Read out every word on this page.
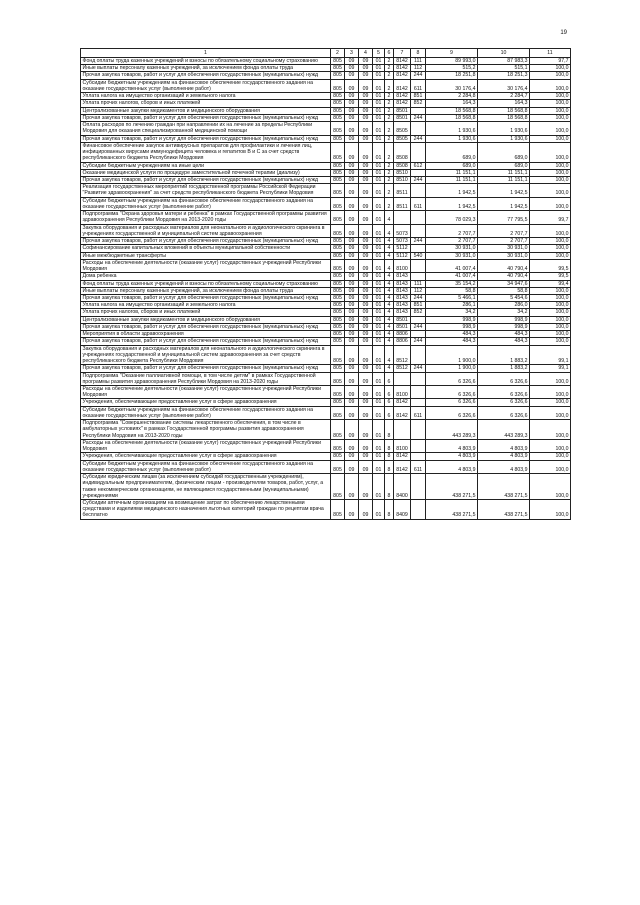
19
1	2	3	4	5	6	7	8	9	10	11
Фонд оплаты труда казенных учреждений и взносы по обязательному социальному страхованию	805	09	09	01	2	8142	111	89 993,0	87 983,3	97,7
Иные выплаты персоналу казенных учреждений, за исключением фонда оплаты труда	805	09	09	01	2	8142	112	515,2	515,1	100,0
Прочая закупка товаров, работ и услуг для обеспечения государственных (муниципальных) нужд	805	09	09	01	2	8142	244	18 251,8	18 251,3	100,0
Субсидии бюджетным учреждениям на финансовое обеспечение государственного задания на оказание государственных услуг (выполнение работ)	805	09	09	01	2	8142	611	30 176,4	30 176,4	100,0
Уплата налога на имущество организаций и земельного налога	805	09	09	01	2	8142	851	2 284,8	2 284,7	100,0
Уплата прочих налогов, сборов и иных платежей	805	09	09	01	2	8142	852	164,3	164,3	100,0
Централизованные закупки медикаментов и медицинского оборудования	805	09	09	01	2	8501		18 568,8	18 568,8	100,0
Прочая закупка товаров, работ и услуг для обеспечения государственных (муниципальных) нужд	805	09	09	01	2	8501	244	18 568,8	18 568,8	100,0
Оплата расходов по лечению граждан при направлении их на лечение за пределы Республики Мордовия для оказания специализированной медицинской помощи	805	09	09	01	2	8505		1 930,6	1 930,6	100,0
Прочая закупка товаров, работ и услуг для обеспечения государственных (муниципальных) нужд	805	09	09	01	2	8505	244	1 930,6	1 930,6	100,0
Финансовое обеспечение закупок антивирусных препаратов для профилактики и лечения лиц, инфицированных вирусами иммунодефицита человека и гепатитов В и С за счет средств республиканского бюджета Республики Мордовия	805	09	09	01	2	8508		689,0	689,0	100,0
Субсидии бюджетным учреждениям на иные цели	805	09	09	01	2	8508	612	689,0	689,0	100,0
Оказание медицинской услуги по процедуре заместительной почечной терапии (диализу)	805	09	09	01	2	8510		11 151,1	11 151,1	100,0
Прочая закупка товаров, работ и услуг для обеспечения государственных (муниципальных) нужд	805	09	09	01	2	8510	244	11 151,1	11 151,1	100,0
Реализация государственных мероприятий государственной программы Российской Федерации "Развитие здравоохранения" за счет средств республиканского бюджета Республики Мордовия	805	09	09	01	2	8511		1 942,5	1 942,5	100,0
Субсидии бюджетным учреждениям на финансовое обеспечение государственного задания на оказание государственных услуг (выполнение работ)	805	09	09	01	2	8511	611	1 942,5	1 942,5	100,0
Подпрограмма "Охрана здоровья матери и ребенка" в рамках Государственной программы развития здравоохранения Республики Мордовия на 2013-2020 годы	805	09	09	01	4			78 029,3	77 795,5	99,7
Закупка оборудования и расходных материалов для неонатального и аудиологического скрининга в учреждениях государственной и муниципальной систем здравоохранения	805	09	09	01	4	5073		2 707,7	2 707,7	100,0
Прочая закупка товаров, работ и услуг для обеспечения государственных (муниципальных) нужд	805	09	09	01	4	5073	244	2 707,7	2 707,7	100,0
Софинансирование капитальных вложений в объекты муниципальной собственности	805	09	09	01	4	5112		30 931,0	30 931,0	100,0
Иные межбюджетные трансферты	805	09	09	01	4	5112	540	30 931,0	30 931,0	100,0
Расходы на обеспечение деятельности (оказание услуг) государственных учреждений Республики Мордовия	805	09	09	01	4	8100		41 007,4	40 790,4	99,5
Дома ребенка	805	09	09	01	4	8143		41 007,4	40 790,4	99,5
Фонд оплаты труда казенных учреждений и взносы по обязательному социальному страхованию	805	09	09	01	4	8143	111	35 154,2	34 947,6	99,4
Иные выплаты персоналу казенных учреждений, за исключением фонда оплаты труда	805	09	09	01	4	8143	112	58,8	58,8	100,0
Прочая закупка товаров, работ и услуг для обеспечения государственных (муниципальных) нужд	805	09	09	01	4	8143	244	5 466,1	5 454,6	100,0
Уплата налога на имущество организаций и земельного налога	805	09	09	01	4	8143	851	286,1	286,0	100,0
Уплата прочих налогов, сборов и иных платежей	805	09	09	01	4	8143	852	34,2	34,2	100,0
Централизованные закупки медикаментов и медицинского оборудования	805	09	09	01	4	8501		998,9	998,9	100,0
Прочая закупка товаров, работ и услуг для обеспечения государственных (муниципальных) нужд	805	09	09	01	4	8501	244	998,9	998,9	100,0
Мероприятия в области здравоохранения	805	09	09	01	4	8806		484,3	484,3	100,0
Прочая закупка товаров, работ и услуг для обеспечения государственных (муниципальных) нужд	805	09	09	01	4	8806	244	484,3	484,3	100,0
Закупка оборудования и расходных материалов для неонатального и аудиологического скрининга в учреждениях государственной и муниципальной систем здравоохранения за счет средств республиканского бюджета Республики Мордовия	805	09	09	01	4	8512		1 900,0	1 883,2	99,1
Прочая закупка товаров, работ и услуг для обеспечения государственных (муниципальных) нужд	805	09	09	01	4	8512	244	1 900,0	1 883,2	99,1
Подпрограмма "Оказание паллиативной помощи, в том числе детям" в рамках Государственной программы развития здравоохранения Республики Мордовия на 2013-2020 годы	805	09	09	01	6			6 326,6	6 326,6	100,0
Расходы на обеспечение деятельности (оказание услуг) государственных учреждений Республики Мордовия	805	09	09	01	6	8100		6 326,6	6 326,6	100,0
Учреждения, обеспечивающие предоставление услуг в сфере здравоохранения	805	09	09	01	6	8142		6 326,6	6 326,6	100,0
Субсидии бюджетным учреждениям на финансовое обеспечение государственного задания на оказание государственных услуг (выполнение работ)	805	09	09	01	6	8142	611	6 326,6	6 326,6	100,0
Подпрограмма "Совершенствование системы лекарственного обеспечения, в том числе в амбулаторных условиях" в рамках Государственной программы развития здравоохранения Республики Мордовия на 2013-2020 годы	805	09	09	01	8			443 289,3	443 289,3	100,0
Расходы на обеспечение деятельности (оказание услуг) государственных учреждений Республики Мордовия	805	09	09	01	8	8100		4 803,9	4 803,9	100,0
Учреждения, обеспечивающие предоставление услуг в сфере здравоохранения	805	09	09	01	8	8142		4 803,9	4 803,9	100,0
Субсидии бюджетным учреждениям на финансовое обеспечение государственного задания на оказание государственных услуг (выполнение работ)	805	09	09	01	8	8142	611	4 803,9	4 803,9	100,0
Субсидии юридическим лицам (за исключением субсидий государственным учреждениям), индивидуальным предпринимателям, физическим лицам - производителям товаров, работ, услуг, а также некоммерческим организациям, не являющимся государственными (муниципальными) учреждениями	805	09	09	01	8	8400		438 271,5	438 271,5	100,0
Субсидии аптечным организациям на возмещение затрат по обеспечению лекарственными средствами и изделиями медицинского назначения льготных категорий граждан по рецептам врача бесплатно	805	09	09	01	8	8409		438 271,5	438 271,5	100,0
